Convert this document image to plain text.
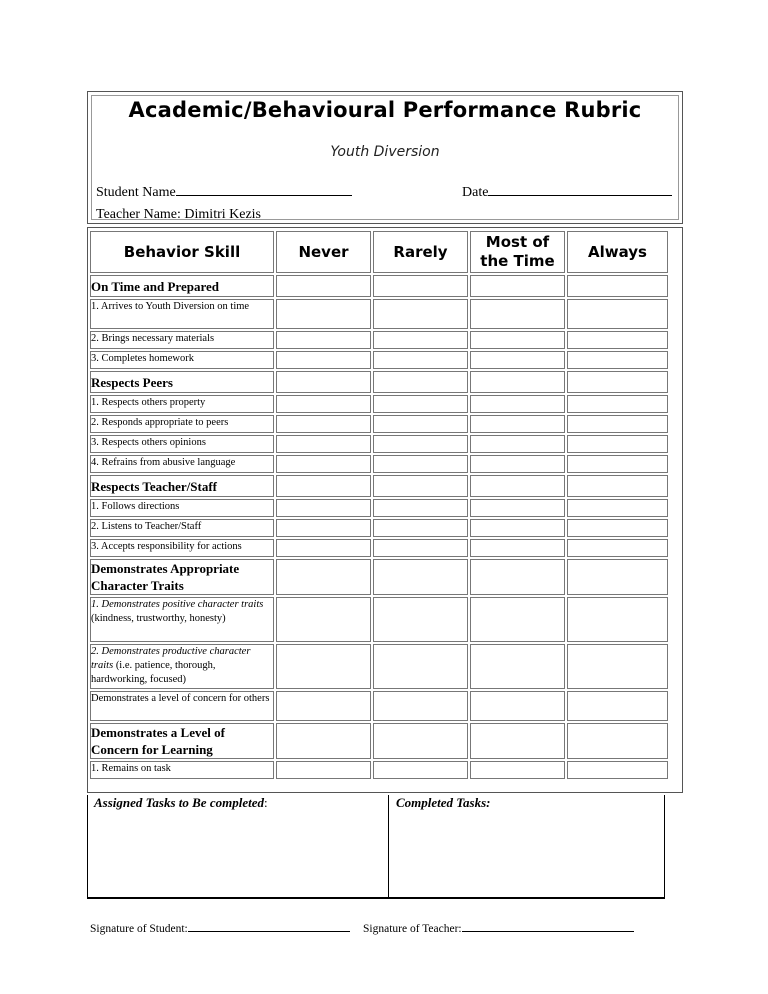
Academic/Behavioural Performance Rubric
Youth Diversion
Student Name	Date
Teacher Name: Dimitri Kezis
Behavior Skill	Never	Rarely	Most of the Time	Always
On Time and Prepared				
1. Arrives to Youth Diversion on time				
2. Brings necessary materials				
3. Completes homework				
Respects Peers				
1. Respects others property				
2. Responds appropriate to peers				
3. Respects others opinions				
4. Refrains from abusive language				
Respects Teacher/Staff				
1. Follows directions				
2. Listens to Teacher/Staff				
3. Accepts responsibility for actions				
Demonstrates Appropriate Character Traits				
1. Demonstrates positive character traits (kindness, trustworthy, honesty)				
2. Demonstrates productive character traits (i.e. patience, thorough, hardworking, focused)				
Demonstrates a level of concern for others				
Demonstrates a Level of Concern for Learning				
1. Remains on task				
Assigned Tasks to Be completed:	Completed Tasks:
Signature of Student:	Signature of Teacher:
